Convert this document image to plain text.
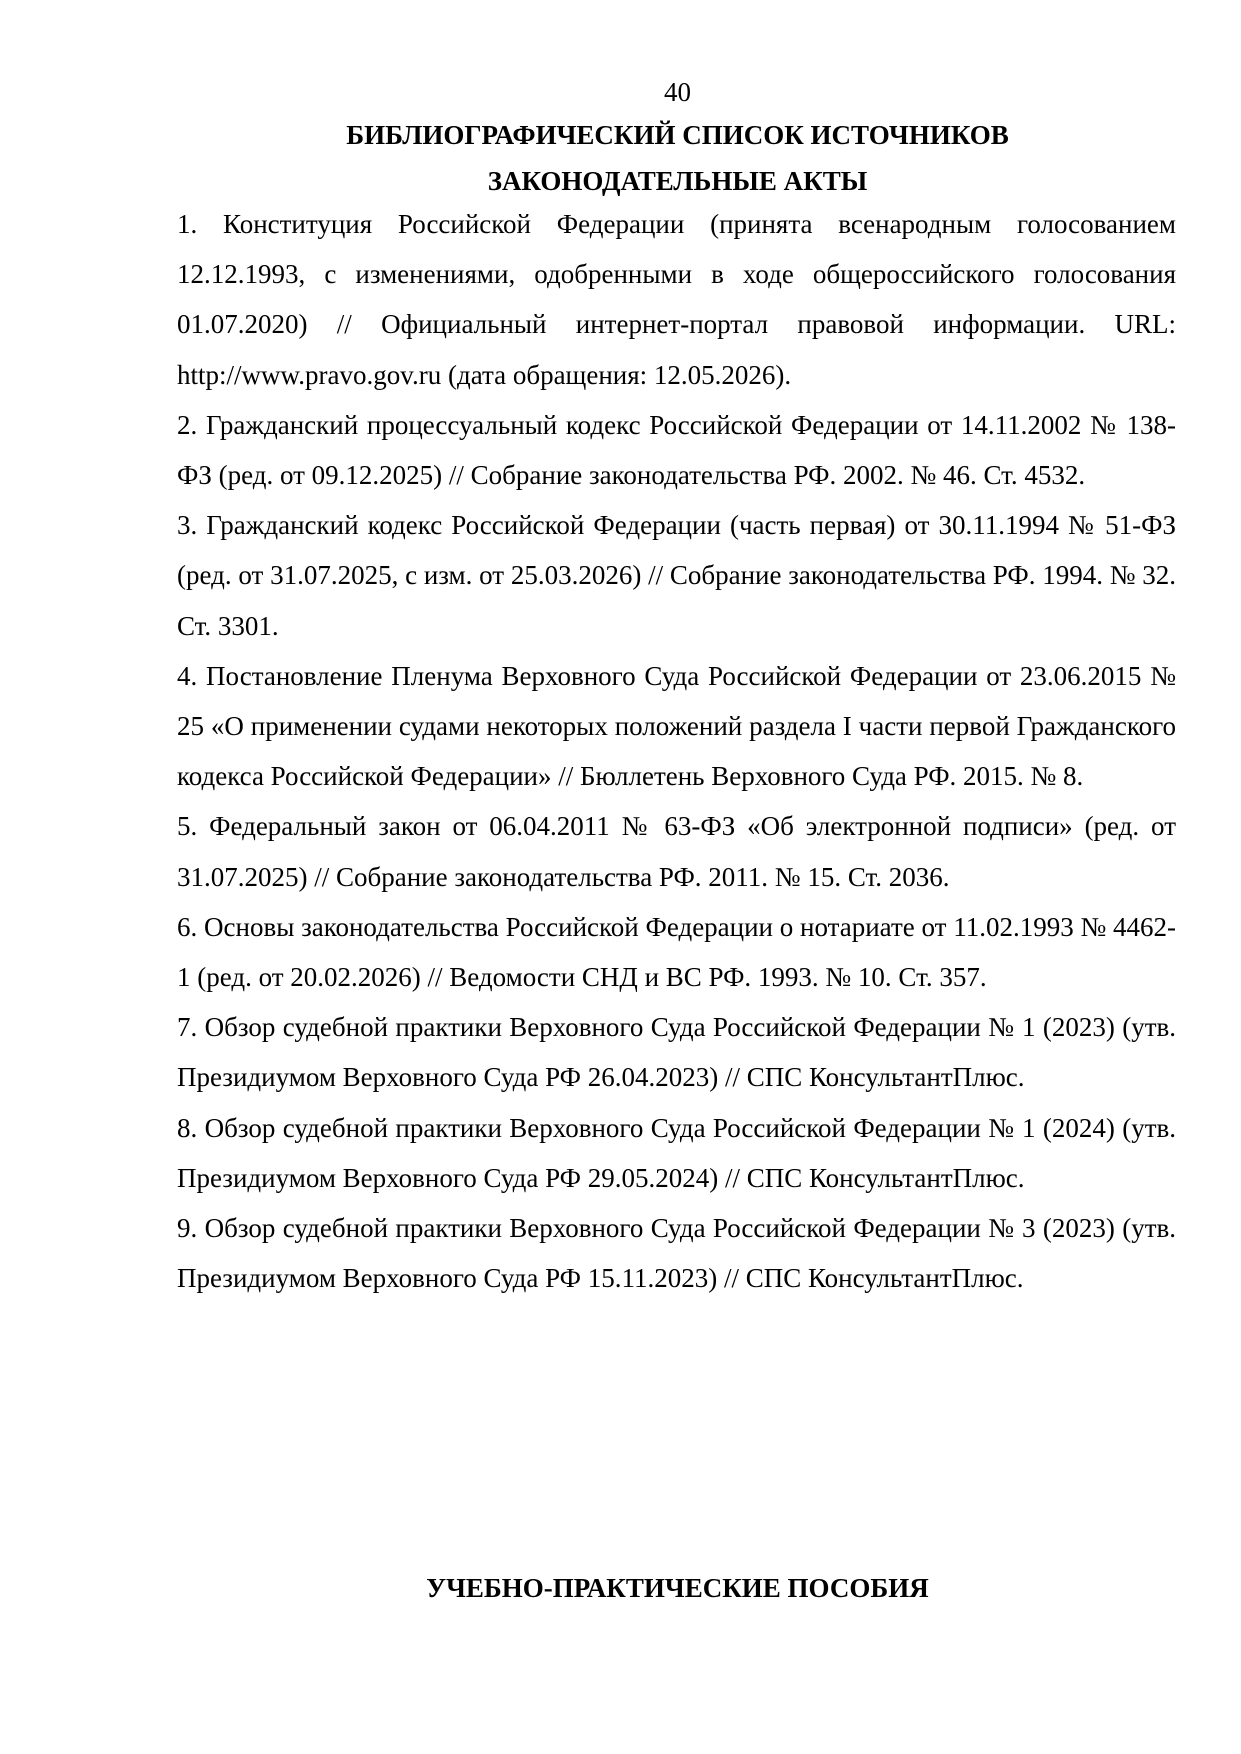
40
БИБЛИОГРАФИЧЕСКИЙ СПИСОК ИСТОЧНИКОВ
ЗАКОНОДАТЕЛЬНЫЕ АКТЫ
1. Конституция Российской Федерации (принята всенародным голосованием 12.12.1993, с изменениями, одобренными в ходе общероссийского голосования 01.07.2020) // Официальный интернет-портал правовой информации. URL: http://www.pravo.gov.ru (дата обращения: 12.05.2026).
2. Гражданский процессуальный кодекс Российской Федерации от 14.11.2002 № 138-ФЗ (ред. от 09.12.2025) // Собрание законодательства РФ. 2002. № 46. Ст. 4532.
3. Гражданский кодекс Российской Федерации (часть первая) от 30.11.1994 № 51-ФЗ (ред. от 31.07.2025, с изм. от 25.03.2026) // Собрание законодательства РФ. 1994. № 32. Ст. 3301.
4. Постановление Пленума Верховного Суда Российской Федерации от 23.06.2015 № 25 «О применении судами некоторых положений раздела I части первой Гражданского кодекса Российской Федерации» // Бюллетень Верховного Суда РФ. 2015. № 8.
5. Федеральный закон от 06.04.2011 № 63-ФЗ «Об электронной подписи» (ред. от 31.07.2025) // Собрание законодательства РФ. 2011. № 15. Ст. 2036.
6. Основы законодательства Российской Федерации о нотариате от 11.02.1993 № 4462-1 (ред. от 20.02.2026) // Ведомости СНД и ВС РФ. 1993. № 10. Ст. 357.
7. Обзор судебной практики Верховного Суда Российской Федерации № 1 (2023) (утв. Президиумом Верховного Суда РФ 26.04.2023) // СПС КонсультантПлюс.
8. Обзор судебной практики Верховного Суда Российской Федерации № 1 (2024) (утв. Президиумом Верховного Суда РФ 29.05.2024) // СПС КонсультантПлюс.
9. Обзор судебной практики Верховного Суда Российской Федерации № 3 (2023) (утв. Президиумом Верховного Суда РФ 15.11.2023) // СПС КонсультантПлюс.
УЧЕБНО-ПРАКТИЧЕСКИЕ ПОСОБИЯ
